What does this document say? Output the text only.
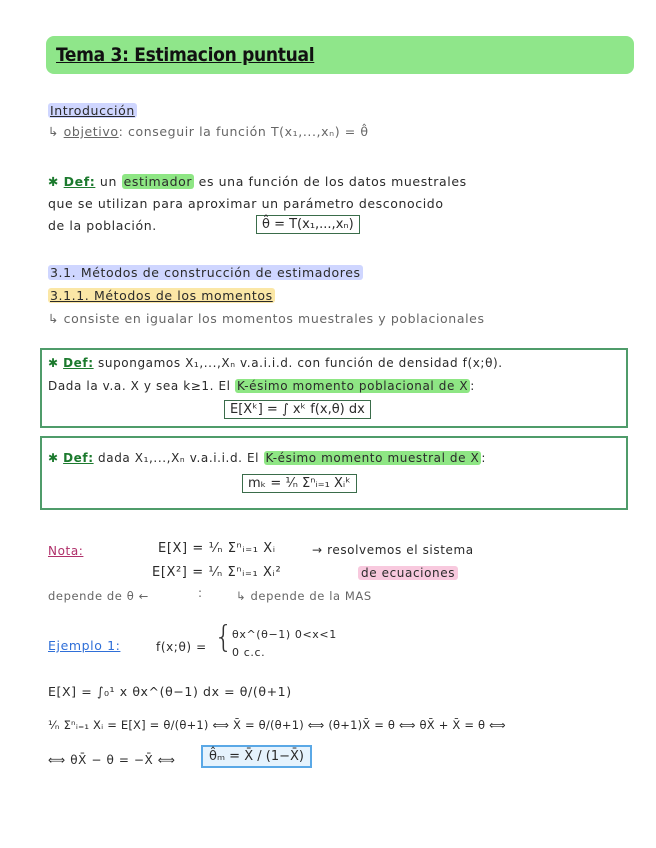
Tema 3: Estimacion puntual
Introducción
↳ objetivo: conseguir la función T(x₁,...,xₙ) = θ̂
✱ Def: un estimador es una función de los datos muestrales
que se utilizan para aproximar un parámetro desconocido
de la población.	θ̂ = T(x₁,...,xₙ)
3.1. Métodos de construcción de estimadores
3.1.1. Métodos de los momentos
↳ consiste en igualar los momentos muestrales y poblacionales
✱ Def: supongamos X₁,...,Xₙ v.a.i.i.d. con función de densidad f(x;θ).
Dada la v.a. X y sea k≥1. El K-ésimo momento poblacional de X :
E[Xᵏ] = ∫ xᵏ f(x,θ) dx
✱ Def: dada X₁,...,Xₙ v.a.i.i.d. El K-ésimo momento muestral de X :
mₖ = ¹⁄ₙ Σⁿᵢ₌₁ Xᵢᵏ
Nota:	E[X] = ¹⁄ₙ Σⁿᵢ₌₁ Xᵢ	→ resolvemos el sistema
E[X²] = ¹⁄ₙ Σⁿᵢ₌₁ Xᵢ²	de ecuaciones
depende de θ ←	:	↳ depende de la MAS
Ejemplo 1:	f(x;θ) = {
θx^(θ−1) 0<x<1
0 c.c.
E[X] = ∫₀¹ x θx^(θ−1) dx = θ/(θ+1)
¹⁄ₙ Σⁿᵢ₌₁ Xᵢ = E[X] = θ/(θ+1) ⟺ X̄ = θ/(θ+1) ⟺ (θ+1)X̄ = θ ⟺ θX̄ + X̄ = θ ⟺
⟺ θX̄ − θ = −X̄ ⟺	θ̂ₘ = X̄ / (1−X̄)
